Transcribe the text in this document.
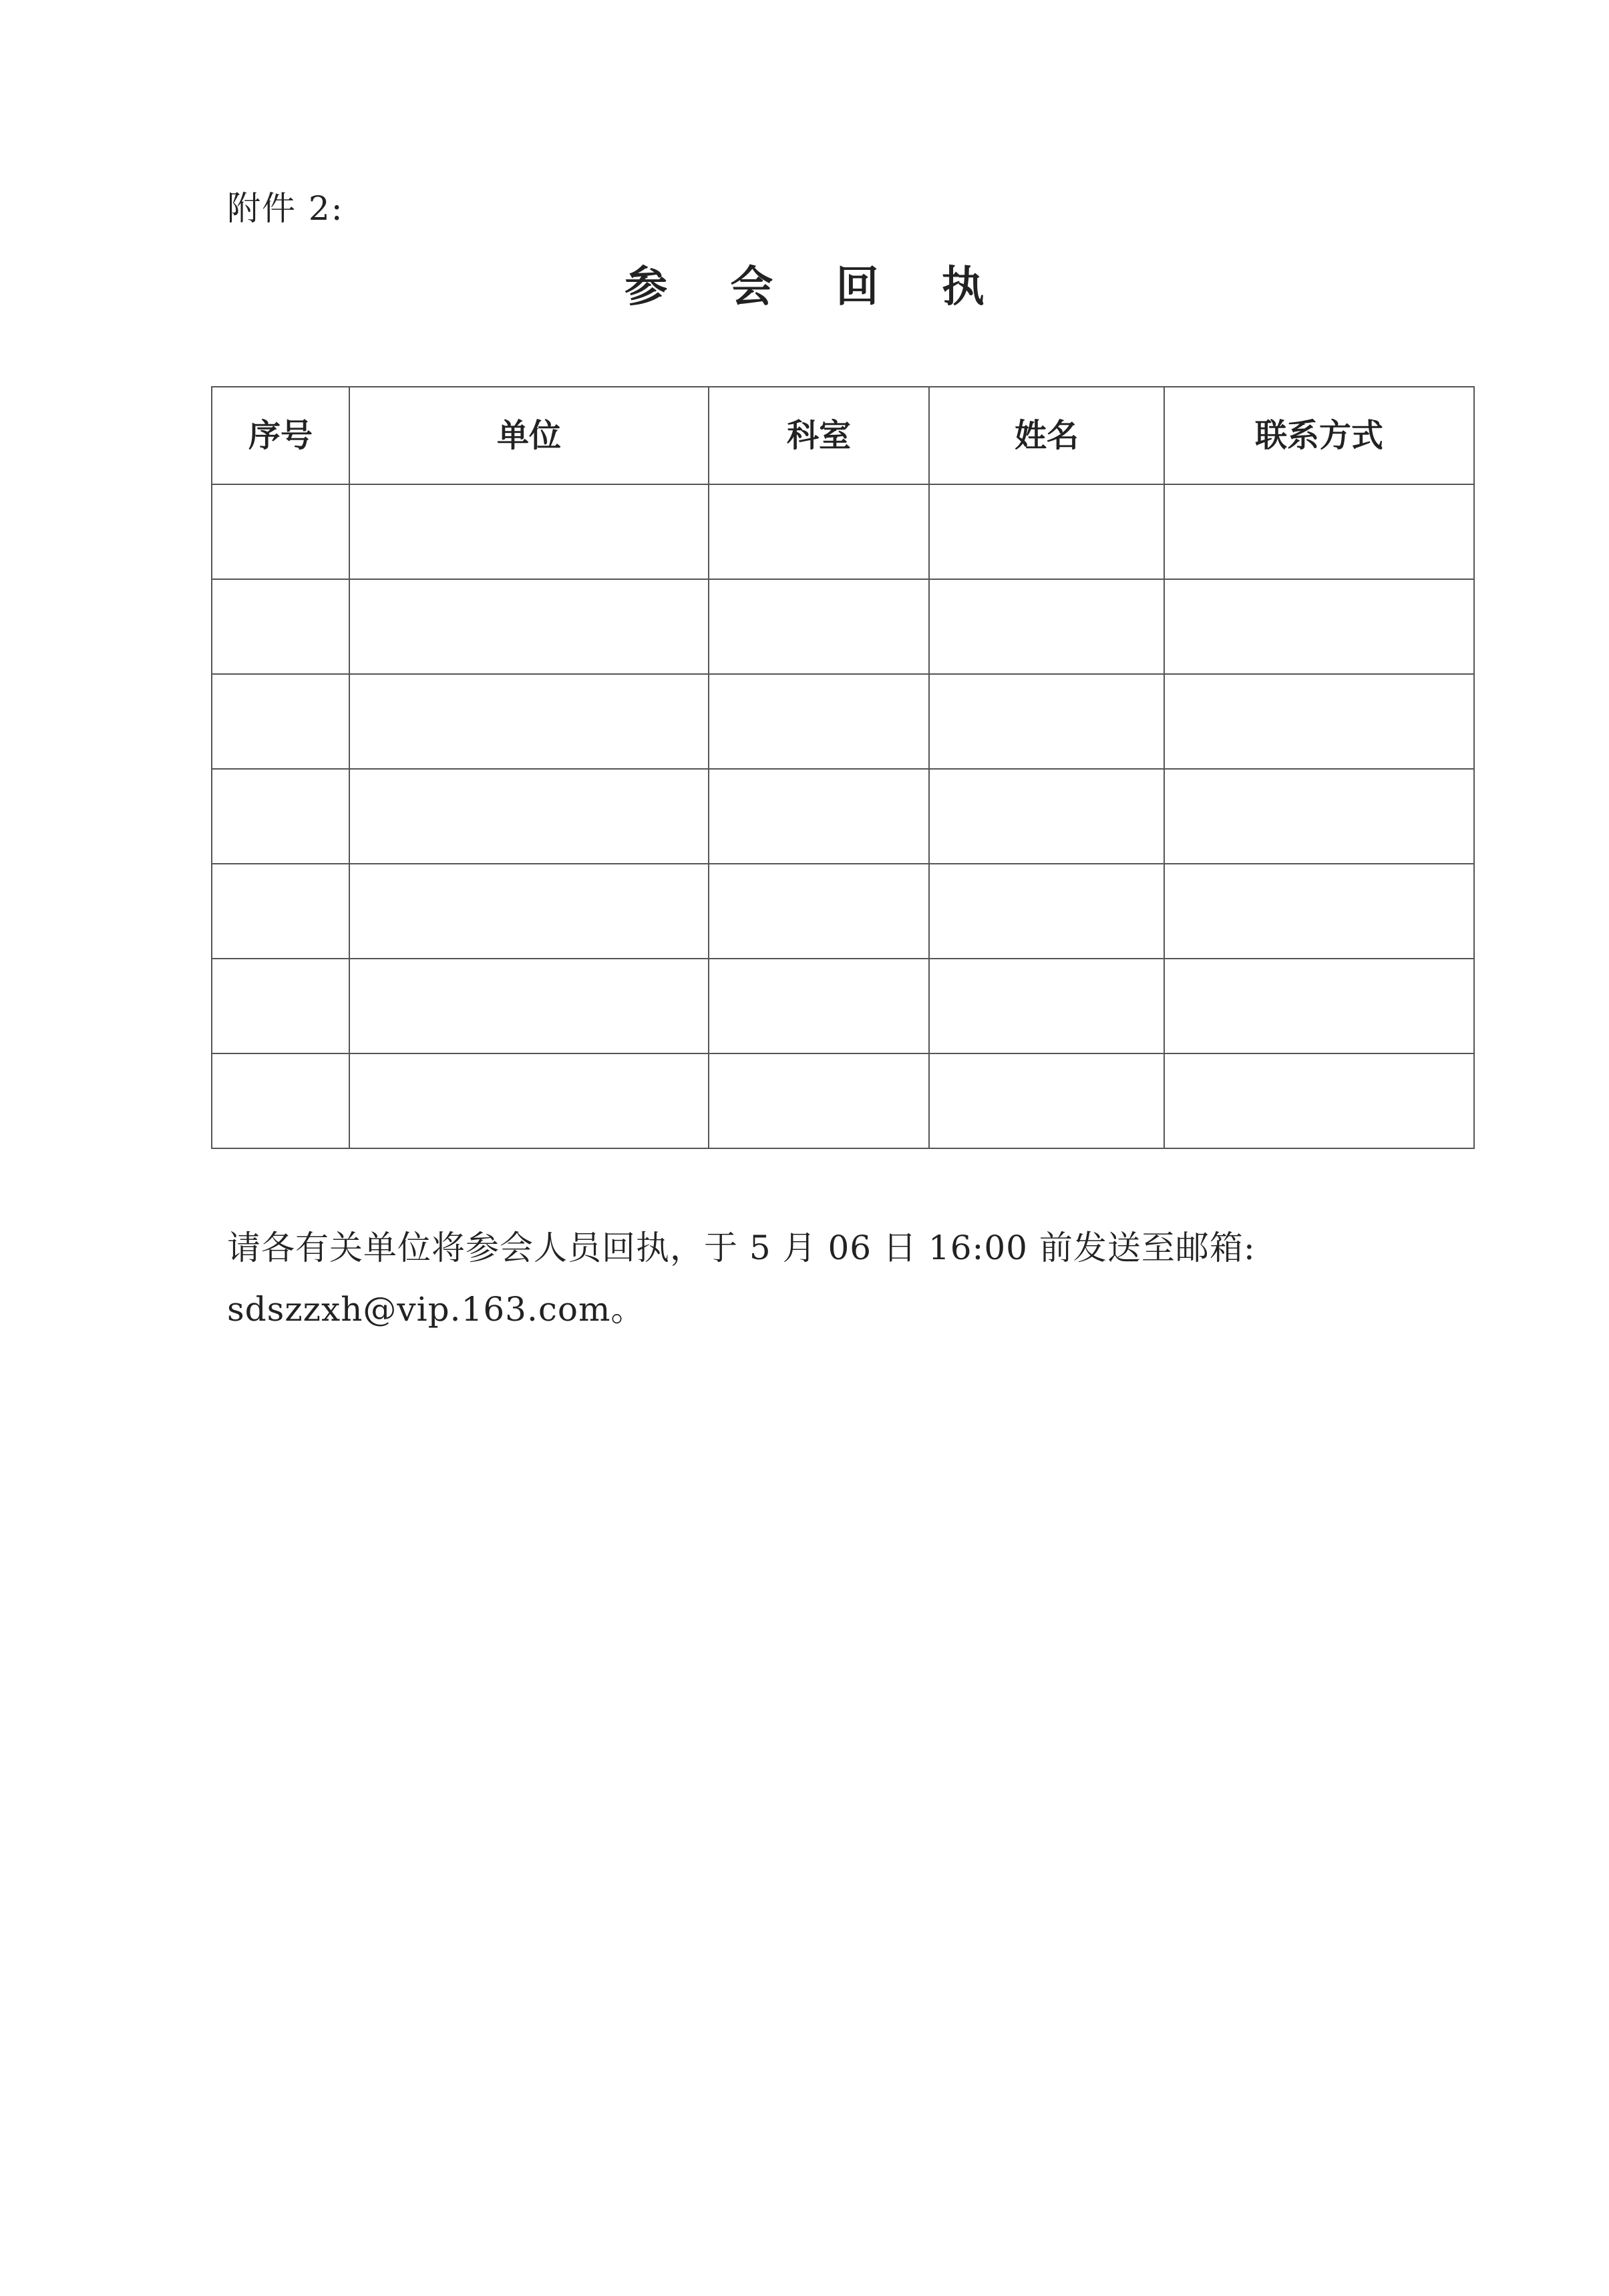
附件 2:
参 会 回 执
序号	单位	科室	姓名	联系方式

请各有关单位将参会人员回执，于 5 月 06 日 16:00 前发送至邮箱:
sdszzxh@vip.163.com。
